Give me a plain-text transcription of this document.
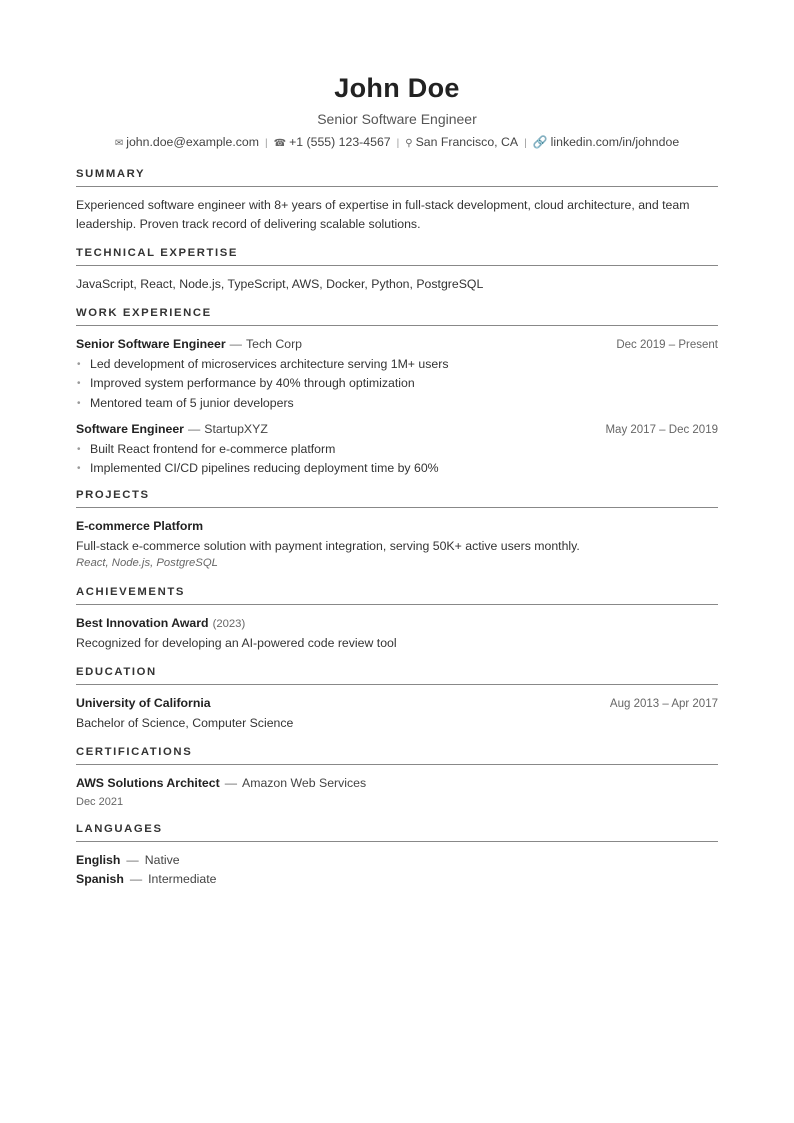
John Doe
Senior Software Engineer
✉ john.doe@example.com | ☎ +1 (555) 123-4567 | ⚲ San Francisco, CA | 🔗 linkedin.com/in/johndoe
SUMMARY
Experienced software engineer with 8+ years of expertise in full-stack development, cloud architecture, and team leadership. Proven track record of delivering scalable solutions.
TECHNICAL EXPERTISE
JavaScript, React, Node.js, TypeScript, AWS, Docker, Python, PostgreSQL
WORK EXPERIENCE
Senior Software Engineer — Tech Corp	Dec 2019 – Present
• Led development of microservices architecture serving 1M+ users
• Improved system performance by 40% through optimization
• Mentored team of 5 junior developers
Software Engineer — StartupXYZ	May 2017 – Dec 2019
• Built React frontend for e-commerce platform
• Implemented CI/CD pipelines reducing deployment time by 60%
PROJECTS
E-commerce Platform
Full-stack e-commerce solution with payment integration, serving 50K+ active users monthly.
React, Node.js, PostgreSQL
ACHIEVEMENTS
Best Innovation Award (2023)
Recognized for developing an AI-powered code review tool
EDUCATION
University of California	Aug 2013 – Apr 2017
Bachelor of Science, Computer Science
CERTIFICATIONS
AWS Solutions Architect — Amazon Web Services
Dec 2021
LANGUAGES
English — Native
Spanish — Intermediate
